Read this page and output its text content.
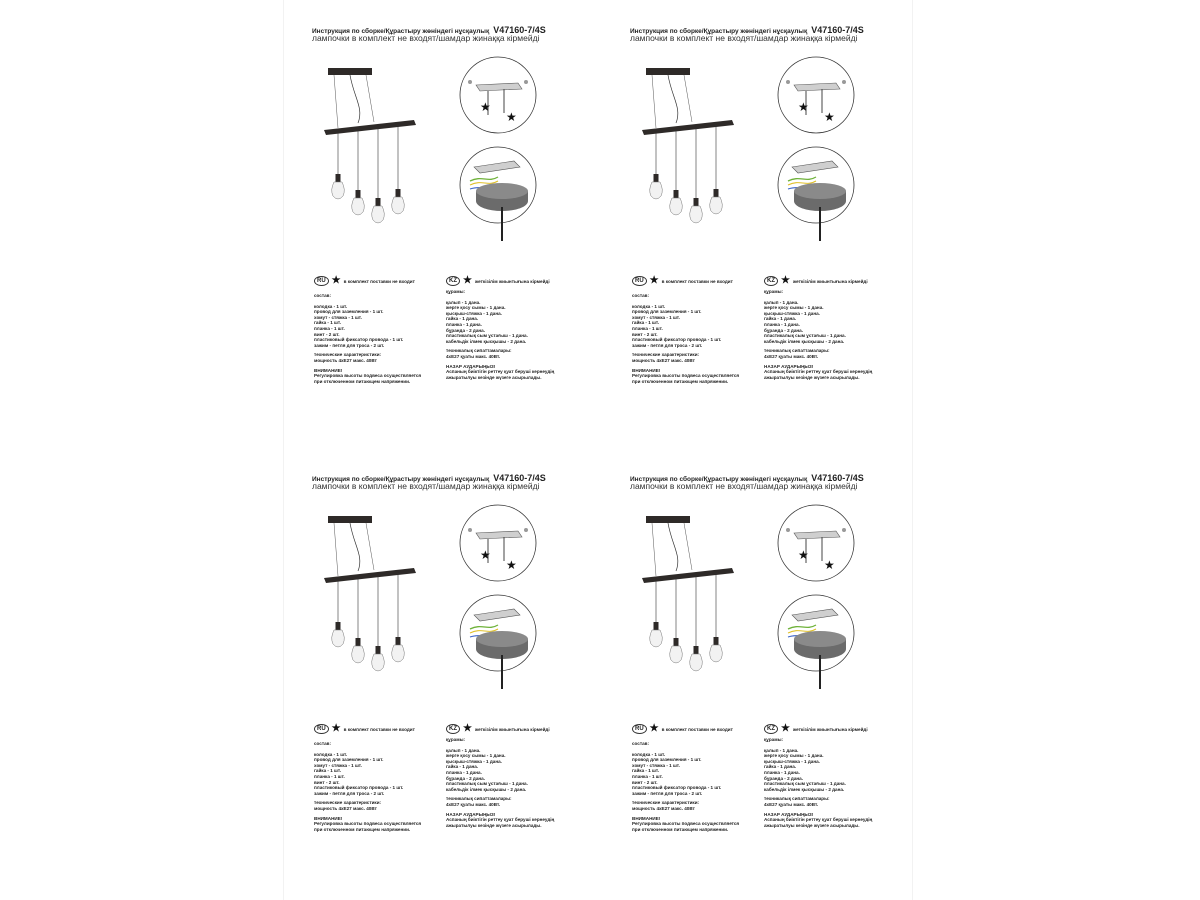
Инструкция по сборке/Құрастыру жөніндегі нұсқаулық V47160-7/4S
лампочки в комплект не входят/шамдар жинаққа кірмейді
★
★
RU ★ в комплект поставки не входит	KZ ★ жеткізілім жиынтығына кірмейді
состав:
колодка - 1 шт.
провод для заземления - 1 шт.
хомут - стяжка - 1 шт.
гайка - 1 шт.
планка - 1 шт.
винт - 2 шт.
пластиковый фиксатор провода - 1 шт.
зажим - петля для троса - 2 шт.
технические характеристики:
мощность 4хЕ27 макс. 40Вт
ВНИМАНИЕ!
Регулировка высоты подвеса осуществляется
при отключенном питающем напряжении.
құрамы:
қалып - 1 дана.
жерге қосу сымы - 1 дана.
қысқыш-стяжка - 1 дана.
гайка - 1 дана.
планка - 1 дана.
бұранда - 2 дана.
пластикалық сым ұстағыш - 1 дана.
кабельдік ілмек қысқышы - 2 дана.
техникалық сипаттамалары:
4хЕ27 қуаты макс. 40Вт.
НАЗАР АУДАРЫҢЫЗ!
Аспаның биіктігін реттеу қуат беруші кернеудің
ажыратылуы кезінде жүзеге асырылады.
Инструкция по сборке/Құрастыру жөніндегі нұсқаулық V47160-7/4S
лампочки в комплект не входят/шамдар жинаққа кірмейді
★
★
RU ★ в комплект поставки не входит	KZ ★ жеткізілім жиынтығына кірмейді
состав:
колодка - 1 шт.
провод для заземления - 1 шт.
хомут - стяжка - 1 шт.
гайка - 1 шт.
планка - 1 шт.
винт - 2 шт.
пластиковый фиксатор провода - 1 шт.
зажим - петля для троса - 2 шт.
технические характеристики:
мощность 4хЕ27 макс. 40Вт
ВНИМАНИЕ!
Регулировка высоты подвеса осуществляется
при отключенном питающем напряжении.
құрамы:
қалып - 1 дана.
жерге қосу сымы - 1 дана.
қысқыш-стяжка - 1 дана.
гайка - 1 дана.
планка - 1 дана.
бұранда - 2 дана.
пластикалық сым ұстағыш - 1 дана.
кабельдік ілмек қысқышы - 2 дана.
техникалық сипаттамалары:
4хЕ27 қуаты макс. 40Вт.
НАЗАР АУДАРЫҢЫЗ!
Аспаның биіктігін реттеу қуат беруші кернеудің
ажыратылуы кезінде жүзеге асырылады.
Инструкция по сборке/Құрастыру жөніндегі нұсқаулық V47160-7/4S
лампочки в комплект не входят/шамдар жинаққа кірмейді
★
★
RU ★ в комплект поставки не входит	KZ ★ жеткізілім жиынтығына кірмейді
состав:
колодка - 1 шт.
провод для заземления - 1 шт.
хомут - стяжка - 1 шт.
гайка - 1 шт.
планка - 1 шт.
винт - 2 шт.
пластиковый фиксатор провода - 1 шт.
зажим - петля для троса - 2 шт.
технические характеристики:
мощность 4хЕ27 макс. 40Вт
ВНИМАНИЕ!
Регулировка высоты подвеса осуществляется
при отключенном питающем напряжении.
құрамы:
қалып - 1 дана.
жерге қосу сымы - 1 дана.
қысқыш-стяжка - 1 дана.
гайка - 1 дана.
планка - 1 дана.
бұранда - 2 дана.
пластикалық сым ұстағыш - 1 дана.
кабельдік ілмек қысқышы - 2 дана.
техникалық сипаттамалары:
4хЕ27 қуаты макс. 40Вт.
НАЗАР АУДАРЫҢЫЗ!
Аспаның биіктігін реттеу қуат беруші кернеудің
ажыратылуы кезінде жүзеге асырылады.
Инструкция по сборке/Құрастыру жөніндегі нұсқаулық V47160-7/4S
лампочки в комплект не входят/шамдар жинаққа кірмейді
★
★
RU ★ в комплект поставки не входит	KZ ★ жеткізілім жиынтығына кірмейді
состав:
колодка - 1 шт.
провод для заземления - 1 шт.
хомут - стяжка - 1 шт.
гайка - 1 шт.
планка - 1 шт.
винт - 2 шт.
пластиковый фиксатор провода - 1 шт.
зажим - петля для троса - 2 шт.
технические характеристики:
мощность 4хЕ27 макс. 40Вт
ВНИМАНИЕ!
Регулировка высоты подвеса осуществляется
при отключенном питающем напряжении.
құрамы:
қалып - 1 дана.
жерге қосу сымы - 1 дана.
қысқыш-стяжка - 1 дана.
гайка - 1 дана.
планка - 1 дана.
бұранда - 2 дана.
пластикалық сым ұстағыш - 1 дана.
кабельдік ілмек қысқышы - 2 дана.
техникалық сипаттамалары:
4хЕ27 қуаты макс. 40Вт.
НАЗАР АУДАРЫҢЫЗ!
Аспаның биіктігін реттеу қуат беруші кернеудің
ажыратылуы кезінде жүзеге асырылады.
